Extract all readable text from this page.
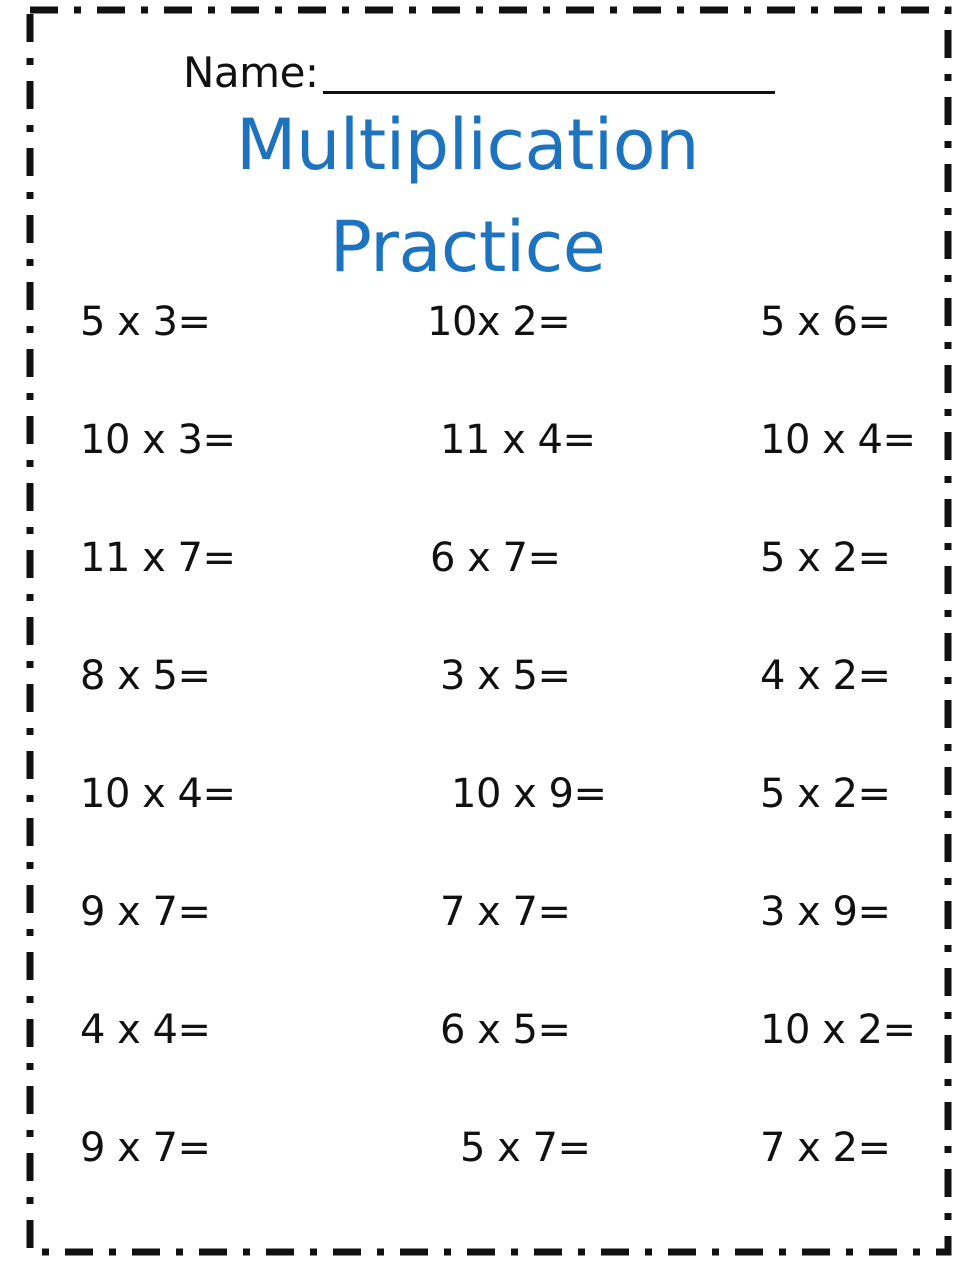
Name:
Multiplication
Practice
5 x 3=
10 x 3=
11 x 7=
8 x 5=
10 x 4=
9 x 7=
4 x 4=
9 x 7=
10x 2=
11 x 4=
6 x 7=
3 x 5=
10 x 9=
7 x 7=
6 x 5=
5 x 7=
5 x 6=
10 x 4=
5 x 2=
4 x 2=
5 x 2=
3 x 9=
10 x 2=
7 x 2=
